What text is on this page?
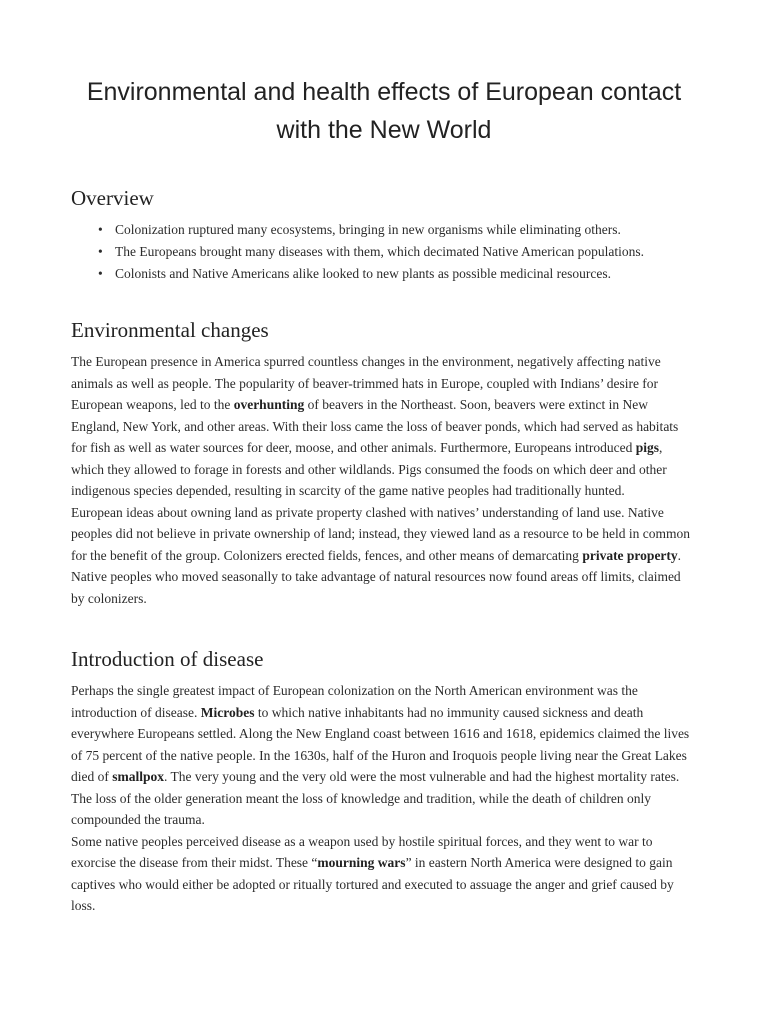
Environmental and health effects of European contact with the New World
Overview
• Colonization ruptured many ecosystems, bringing in new organisms while eliminating others.
• The Europeans brought many diseases with them, which decimated Native American populations.
• Colonists and Native Americans alike looked to new plants as possible medicinal resources.
Environmental changes

The European presence in America spurred countless changes in the environment, negatively affecting native animals as well as people. The popularity of beaver-trimmed hats in Europe, coupled with Indians’ desire for European weapons, led to the overhunting of beavers in the Northeast. Soon, beavers were extinct in New England, New York, and other areas. With their loss came the loss of beaver ponds, which had served as habitats for fish as well as water sources for deer, moose, and other animals. Furthermore, Europeans introduced pigs, which they allowed to forage in forests and other wildlands. Pigs consumed the foods on which deer and other indigenous species depended, resulting in scarcity of the game native peoples had traditionally hunted.

European ideas about owning land as private property clashed with natives’ understanding of land use. Native peoples did not believe in private ownership of land; instead, they viewed land as a resource to be held in common for the benefit of the group. Colonizers erected fields, fences, and other means of demarcating private property. Native peoples who moved seasonally to take advantage of natural resources now found areas off limits, claimed by colonizers.

Introduction of disease

Perhaps the single greatest impact of European colonization on the North American environment was the introduction of disease. Microbes to which native inhabitants had no immunity caused sickness and death everywhere Europeans settled. Along the New England coast between 1616 and 1618, epidemics claimed the lives of 75 percent of the native people. In the 1630s, half of the Huron and Iroquois people living near the Great Lakes died of smallpox. The very young and the very old were the most vulnerable and had the highest mortality rates. The loss of the older generation meant the loss of knowledge and tradition, while the death of children only compounded the trauma.

Some native peoples perceived disease as a weapon used by hostile spiritual forces, and they went to war to exorcise the disease from their midst. These “mourning wars” in eastern North America were designed to gain captives who would either be adopted or ritually tortured and executed to assuage the anger and grief caused by loss.
